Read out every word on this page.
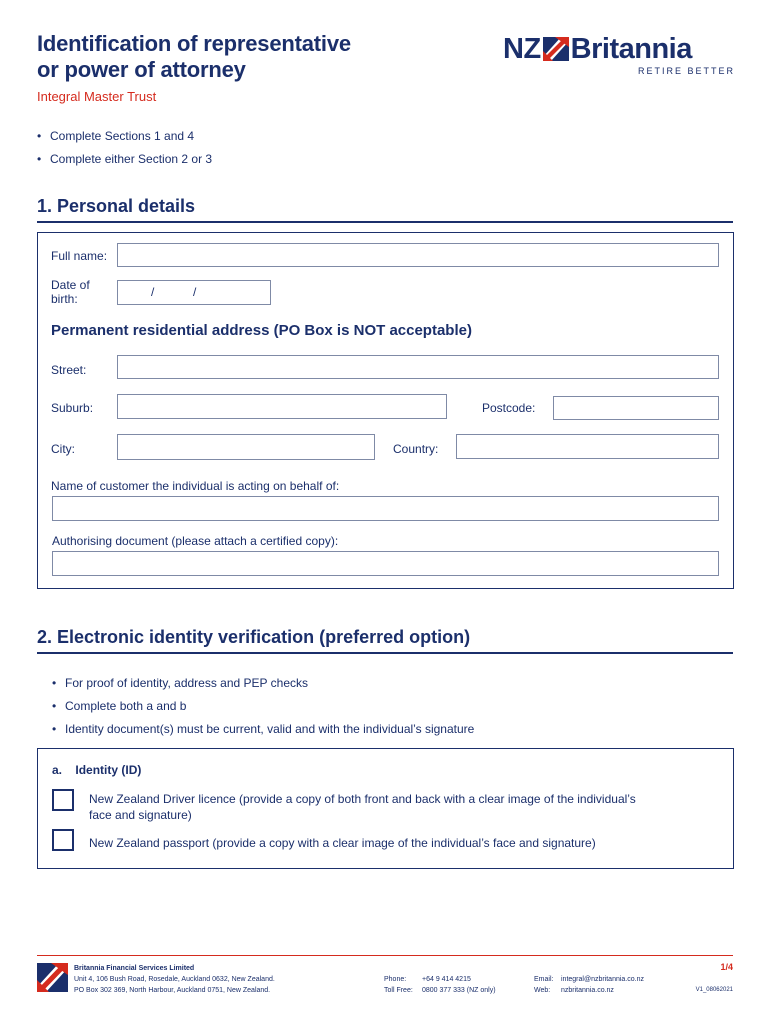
Identification of representative
or power of attorney
Integral Master Trust
NZ Britannia
RETIRE BETTER
• Complete Sections 1 and 4
• Complete either Section 2 or 3
1. Personal details
Full name:
Date of
birth:	/	/
Permanent residential address (PO Box is NOT acceptable)
Street:
Suburb:	Postcode:
City:	Country:
Name of customer the individual is acting on behalf of:
Authorising document (please attach a certified copy):
2. Electronic identity verification (preferred option)
• For proof of identity, address and PEP checks
• Complete both a and b
• Identity document(s) must be current, valid and with the individual’s signature
a. Identity (ID)
New Zealand Driver licence (provide a copy of both front and back with a clear image of the individual’s
face and signature)
New Zealand passport (provide a copy with a clear image of the individual’s face and signature)
Britannia Financial Services Limited
Unit 4, 106 Bush Road, Rosedale, Auckland 0632, New Zealand.
PO Box 302 369, North Harbour, Auckland 0751, New Zealand.
Phone: +64 9 414 4215
Toll Free: 0800 377 333 (NZ only)
Email: integral@nzbritannia.co.nz
Web: nzbritannia.co.nz
1/4
V1_08062021
